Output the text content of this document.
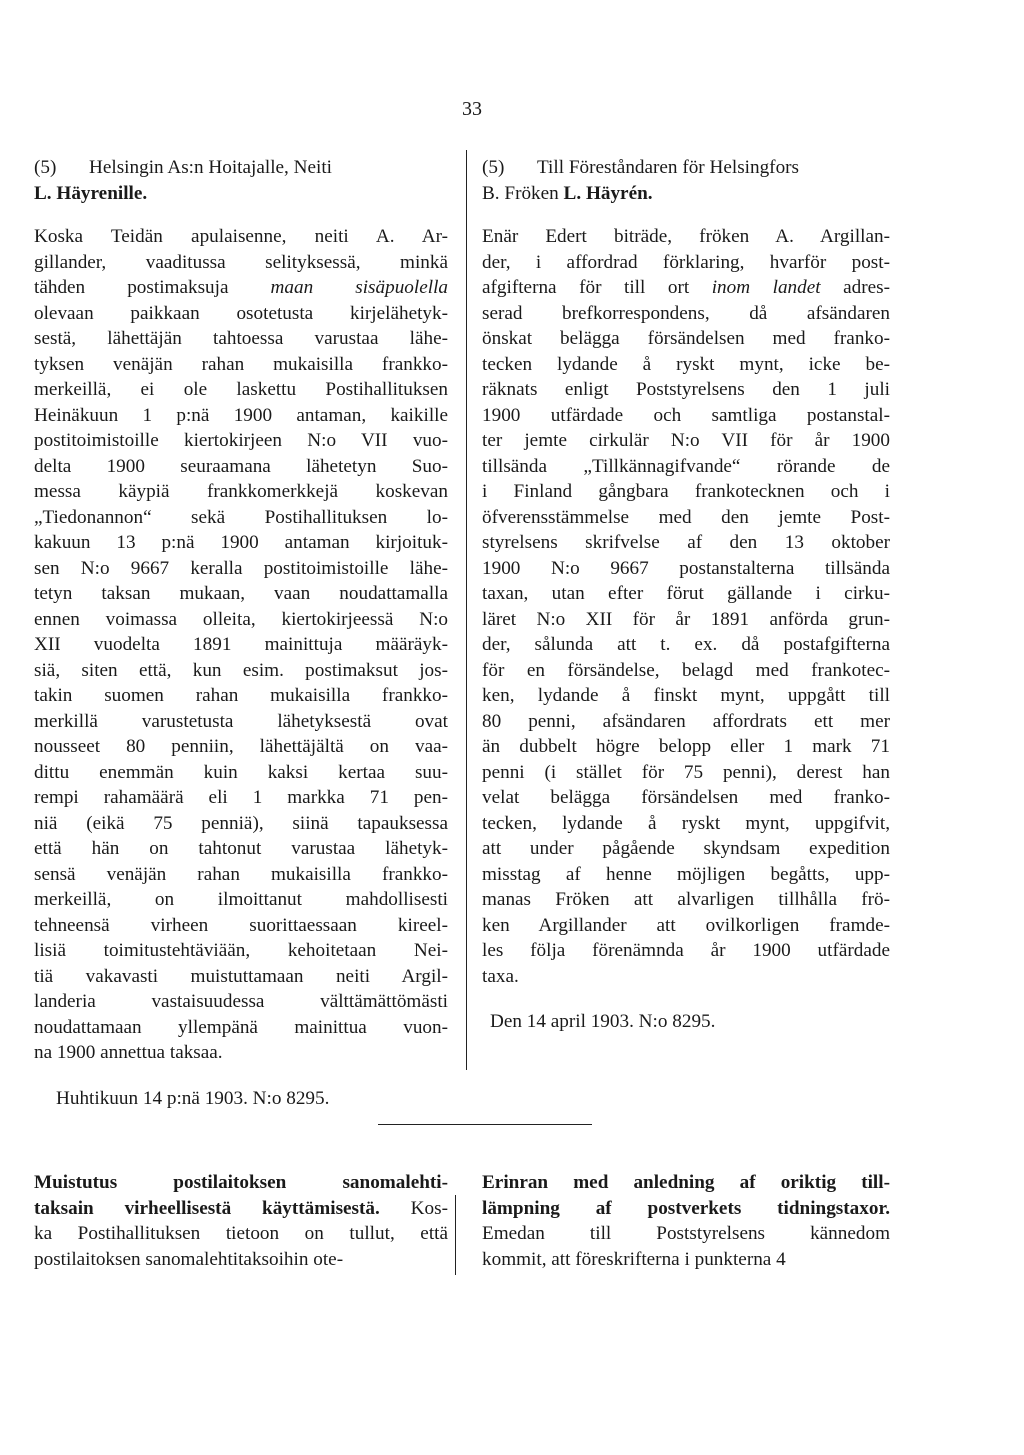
33
(5) Helsingin As:n Hoitajalle, Neiti
L. Häyrenille.
Koska Teidän apulaisenne, neiti A. Ar-
gillander, vaaditussa selityksessä, minkä
tähden postimaksuja maan sisäpuolella
olevaan paikkaan osotetusta kirjelähetyk-
sestä, lähettäjän tahtoessa varustaa lähe-
tyksen venäjän rahan mukaisilla frankko-
merkeillä, ei ole laskettu Postihallituksen
Heinäkuun 1 p:nä 1900 antaman, kaikille
postitoimistoille kiertokirjeen N:o VII vuo-
delta 1900 seuraamana lähetetyn Suo-
messa käypiä frankkomerkkejä koskevan
„Tiedonannon“ sekä Postihallituksen lo-
kakuun 13 p:nä 1900 antaman kirjoituk-
sen N:o 9667 keralla postitoimistoille lähe-
tetyn taksan mukaan, vaan noudattamalla
ennen voimassa olleita, kiertokirjeessä N:o
XII vuodelta 1891 mainittuja määräyk-
siä, siten että, kun esim. postimaksut jos-
takin suomen rahan mukaisilla frankko-
merkillä varustetusta lähetyksestä ovat
nousseet 80 penniin, lähettäjältä on vaa-
dittu enemmän kuin kaksi kertaa suu-
rempi rahamäärä eli 1 markka 71 pen-
niä (eikä 75 penniä), siinä tapauksessa
että hän on tahtonut varustaa lähetyk-
sensä venäjän rahan mukaisilla frankko-
merkeillä, on ilmoittanut mahdollisesti
tehneensä virheen suorittaessaan kireel-
lisiä toimitustehtäviään, kehoitetaan Nei-
tiä vakavasti muistuttamaan neiti Argil-
landeria vastaisuudessa välttämättömästi
noudattamaan yllempänä mainittua vuon-
na 1900 annettua taksaa.
Huhtikuun 14 p:nä 1903. N:o 8295.
(5) Till Föreståndaren för Helsingfors
B. Fröken L. Häyrén.
Enär Edert biträde, fröken A. Argillan-
der, i affordrad förklaring, hvarför post-
afgifterna för till ort inom landet adres-
serad brefkorrespondens, då afsändaren
önskat belägga försändelsen med franko-
tecken lydande å ryskt mynt, icke be-
räknats enligt Poststyrelsens den 1 juli
1900 utfärdade och samtliga postanstal-
ter jemte cirkulär N:o VII för år 1900
tillsända „Tillkännagifvande“ rörande de
i Finland gångbara frankotecknen och i
öfverensstämmelse med den jemte Post-
styrelsens skrifvelse af den 13 oktober
1900 N:o 9667 postanstalterna tillsända
taxan, utan efter förut gällande i cirku-
läret N:o XII för år 1891 anförda grun-
der, sålunda att t. ex. då postafgifterna
för en försändelse, belagd med frankotec-
ken, lydande å finskt mynt, uppgått till
80 penni, afsändaren affordrats ett mer
än dubbelt högre belopp eller 1 mark 71
penni (i stället för 75 penni), derest han
velat belägga försändelsen med franko-
tecken, lydande å ryskt mynt, uppgifvit,
att under pågående skyndsam expedition
misstag af henne möjligen begåtts, upp-
manas Fröken att alvarligen tillhålla frö-
ken Argillander att ovilkorligen framde-
les följa förenämnda år 1900 utfärdade
taxa.
Den 14 april 1903. N:o 8295.
Muistutus postilaitoksen sanomalehti-
taksain virheellisestä käyttämisestä. Kos-
ka Postihallituksen tietoon on tullut, että
postilaitoksen sanomalehtitaksoihin ote-
Erinran med anledning af oriktig till-
lämpning af postverkets tidningstaxor.
Emedan till Poststyrelsens kännedom
kommit, att föreskrifterna i punkterna 4
